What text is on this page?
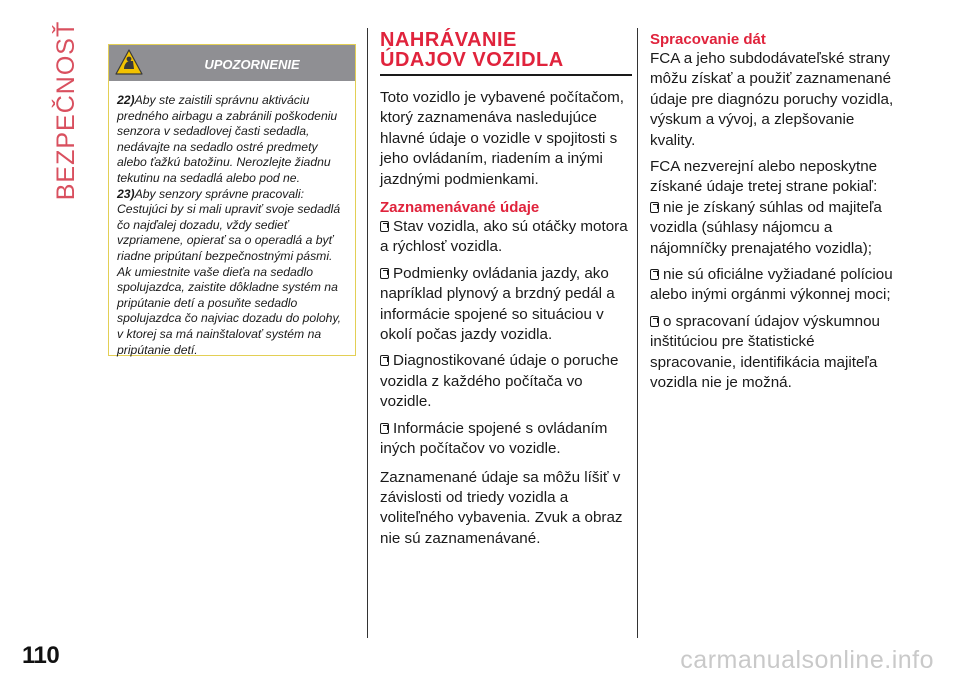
BEZPEČNOSŤ	UPOZORNENIE

22)Aby ste zaistili správnu aktiváciu predného airbagu a zabránili poškodeniu senzora v sedadlovej časti sedadla, nedávajte na sedadlo ostré predmety alebo ťažkú batožinu. Nerozlejte žiadnu tekutinu na sedadlá alebo pod ne.

23)Aby senzory správne pracovali: Cestujúci by si mali upraviť svoje sedadlá čo najďalej dozadu, vždy sedieť vzpriamene, opierať sa o operadlá a byť riadne pripútaní bezpečnostnými pásmi. Ak umiestnite vaše dieťa na sedadlo spolujazdca, zaistite dôkladne systém na pripútanie detí a posuňte sedadlo spolujazdca čo najviac dozadu do polohy, v ktorej sa má nainštalovať systém na pripútanie detí.

NAHRÁVANIE
ÚDAJOV VOZIDLA

Toto vozidlo je vybavené počítačom, ktorý zaznamenáva nasledujúce hlavné údaje o vozidle v spojitosti s jeho ovládaním, riadením a inými jazdnými podmienkami.

Zaznamenávané údaje

Stav vozidla, ako sú otáčky motora a rýchlosť vozidla.

Podmienky ovládania jazdy, ako napríklad plynový a brzdný pedál a informácie spojené so situáciou v okolí počas jazdy vozidla.

Diagnostikované údaje o poruche vozidla z každého počítača vo vozidle.

Informácie spojené s ovládaním iných počítačov vo vozidle.

Zaznamenané údaje sa môžu líšiť v závislosti od triedy vozidla a voliteľného vybavenia. Zvuk a obraz nie sú zaznamenávané.

Spracovanie dát

FCA a jeho subdodávateľské strany môžu získať a použiť zaznamenané údaje pre diagnózu poruchy vozidla, výskum a vývoj, a zlepšovanie kvality.

FCA nezverejní alebo neposkytne získané údaje tretej strane pokiaľ:

nie je získaný súhlas od majiteľa vozidla (súhlasy nájomcu a nájomníčky prenajatého vozidla);

nie sú oficiálne vyžiadané políciou alebo inými orgánmi výkonnej moci;

o spracovaní údajov výskumnou inštitúciou pre štatistické spracovanie, identifikácia majiteľa vozidla nie je možná.

110	carmanualsonline.info
